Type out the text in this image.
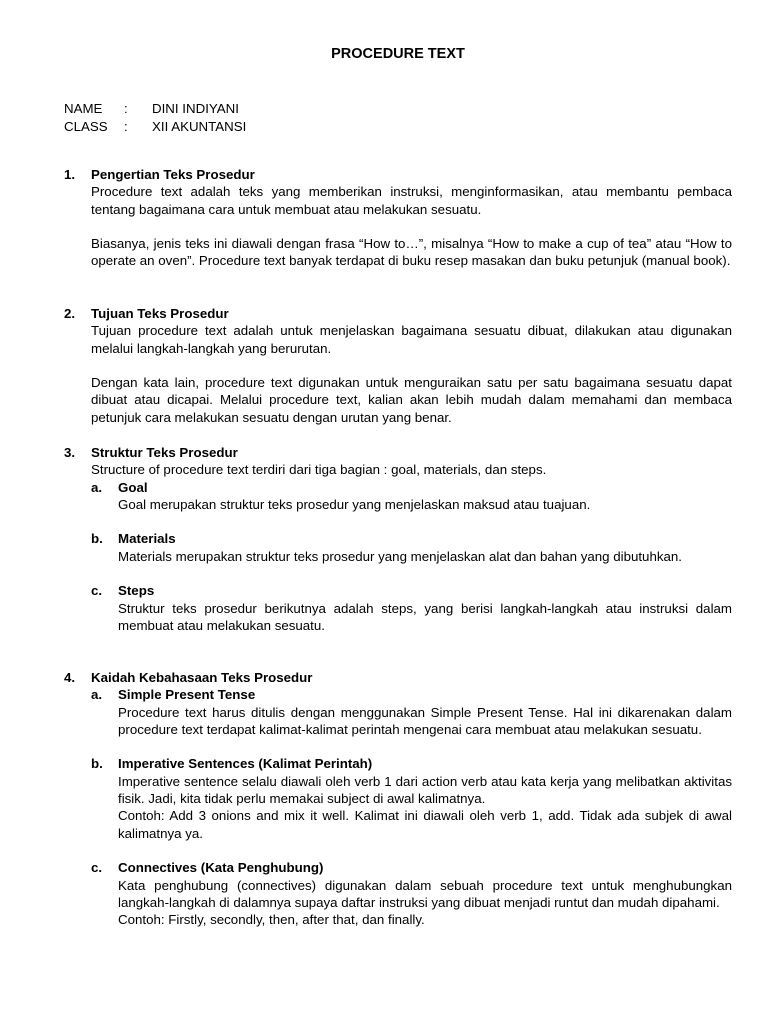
PROCEDURE TEXT
NAME	:	DINI INDIYANI
CLASS	:	XII AKUNTANSI
1.	Pengertian Teks Prosedur

Procedure text adalah teks yang memberikan instruksi, menginformasikan, atau membantu pembaca tentang bagaimana cara untuk membuat atau melakukan sesuatu.

Biasanya, jenis teks ini diawali dengan frasa “How to…”, misalnya “How to make a cup of tea” atau “How to operate an oven”. Procedure text banyak terdapat di buku resep masakan dan buku petunjuk (manual book).

2.	Tujuan Teks Prosedur

Tujuan procedure text adalah untuk menjelaskan bagaimana sesuatu dibuat, dilakukan atau digunakan melalui langkah-langkah yang berurutan.

Dengan kata lain, procedure text digunakan untuk menguraikan satu per satu bagaimana sesuatu dapat dibuat atau dicapai. Melalui procedure text, kalian akan lebih mudah dalam memahami dan membaca petunjuk cara melakukan sesuatu dengan urutan yang benar.

3.	Struktur Teks Prosedur

Structure of procedure text terdiri dari tiga bagian : goal, materials, dan steps.

a.	Goal

Goal merupakan struktur teks prosedur yang menjelaskan maksud atau tuajuan.

b.	Materials

Materials merupakan struktur teks prosedur yang menjelaskan alat dan bahan yang dibutuhkan.

c.	Steps

Struktur teks prosedur berikutnya adalah steps, yang berisi langkah-langkah atau instruksi dalam membuat atau melakukan sesuatu.

4.	Kaidah Kebahasaan Teks Prosedur
a.	Simple Present Tense

Procedure text harus ditulis dengan menggunakan Simple Present Tense. Hal ini dikarenakan dalam procedure text terdapat kalimat-kalimat perintah mengenai cara membuat atau melakukan sesuatu.

b.	Imperative Sentences (Kalimat Perintah)

Imperative sentence selalu diawali oleh verb 1 dari action verb atau kata kerja yang melibatkan aktivitas fisik. Jadi, kita tidak perlu memakai subject di awal kalimatnya.

Contoh: Add 3 onions and mix it well. Kalimat ini diawali oleh verb 1, add. Tidak ada subjek di awal kalimatnya ya.

c.	Connectives (Kata Penghubung)

Kata penghubung (connectives) digunakan dalam sebuah procedure text untuk menghubungkan langkah-langkah di dalamnya supaya daftar instruksi yang dibuat menjadi runtut dan mudah dipahami.

Contoh: Firstly, secondly, then, after that, dan finally.
